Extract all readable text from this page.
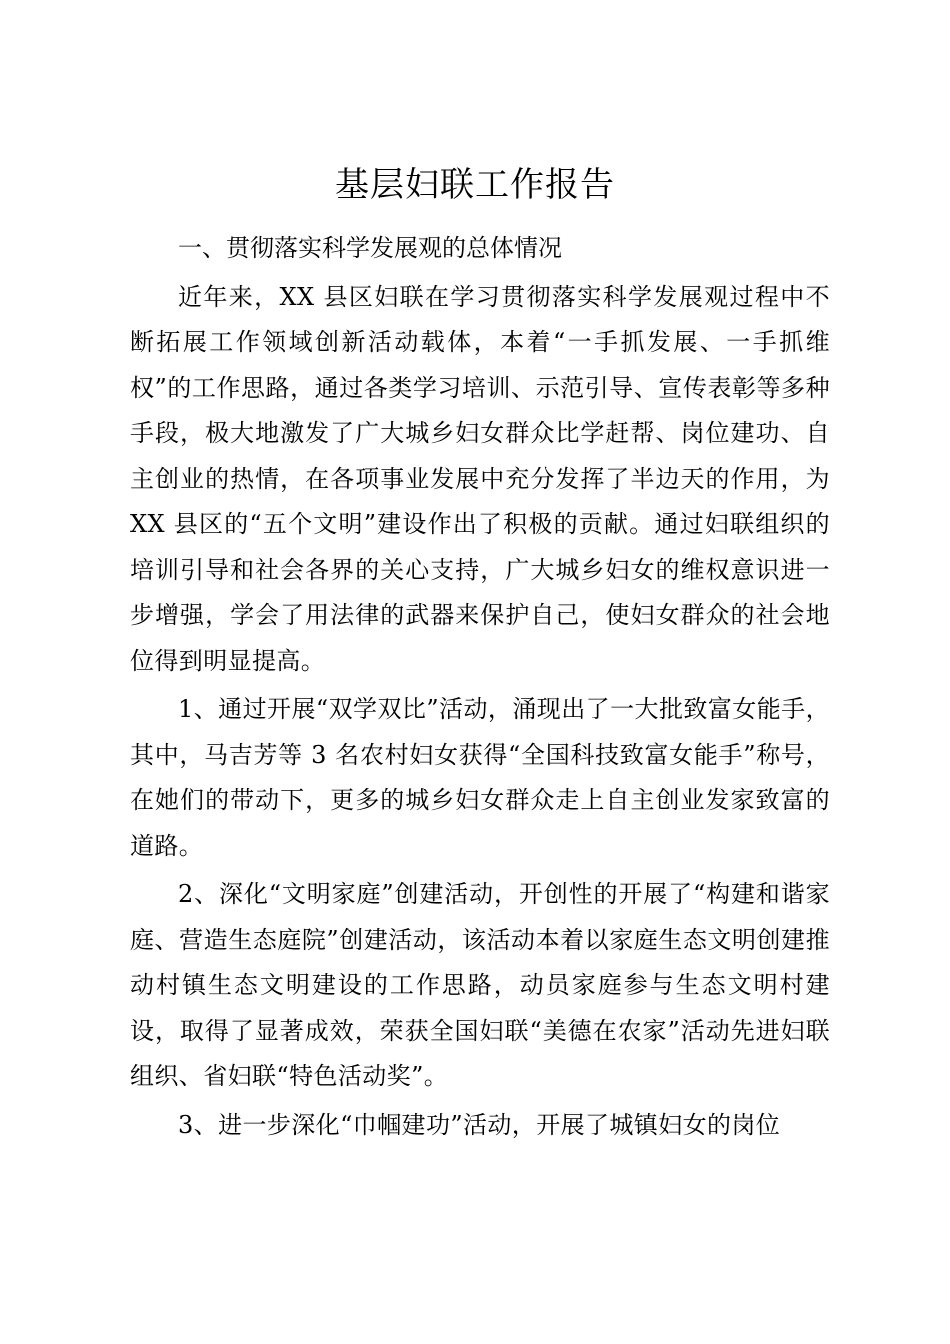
基层妇联工作报告

一、贯彻落实科学发展观的总体情况

近年来，XX 县区妇联在学习贯彻落实科学发展观过程中不断拓展工作领域创新活动载体，本着“一手抓发展、一手抓维权”的工作思路，通过各类学习培训、示范引导、宣传表彰等多种手段，极大地激发了广大城乡妇女群众比学赶帮、岗位建功、自主创业的热情，在各项事业发展中充分发挥了半边天的作用，为 XX 县区的“五个文明”建设作出了积极的贡献。通过妇联组织的培训引导和社会各界的关心支持，广大城乡妇女的维权意识进一步增强，学会了用法律的武器来保护自己，使妇女群众的社会地位得到明显提高。

1、通过开展“双学双比”活动，涌现出了一大批致富女能手，其中，马吉芳等 3 名农村妇女获得“全国科技致富女能手”称号，在她们的带动下，更多的城乡妇女群众走上自主创业发家致富的道路。

2、深化“文明家庭”创建活动，开创性的开展了“构建和谐家庭、营造生态庭院”创建活动，该活动本着以家庭生态文明创建推动村镇生态文明建设的工作思路，动员家庭参与生态文明村建设，取得了显著成效，荣获全国妇联“美德在农家”活动先进妇联组织、省妇联“特色活动奖”。

3、进一步深化“巾帼建功”活动，开展了城镇妇女的岗位
